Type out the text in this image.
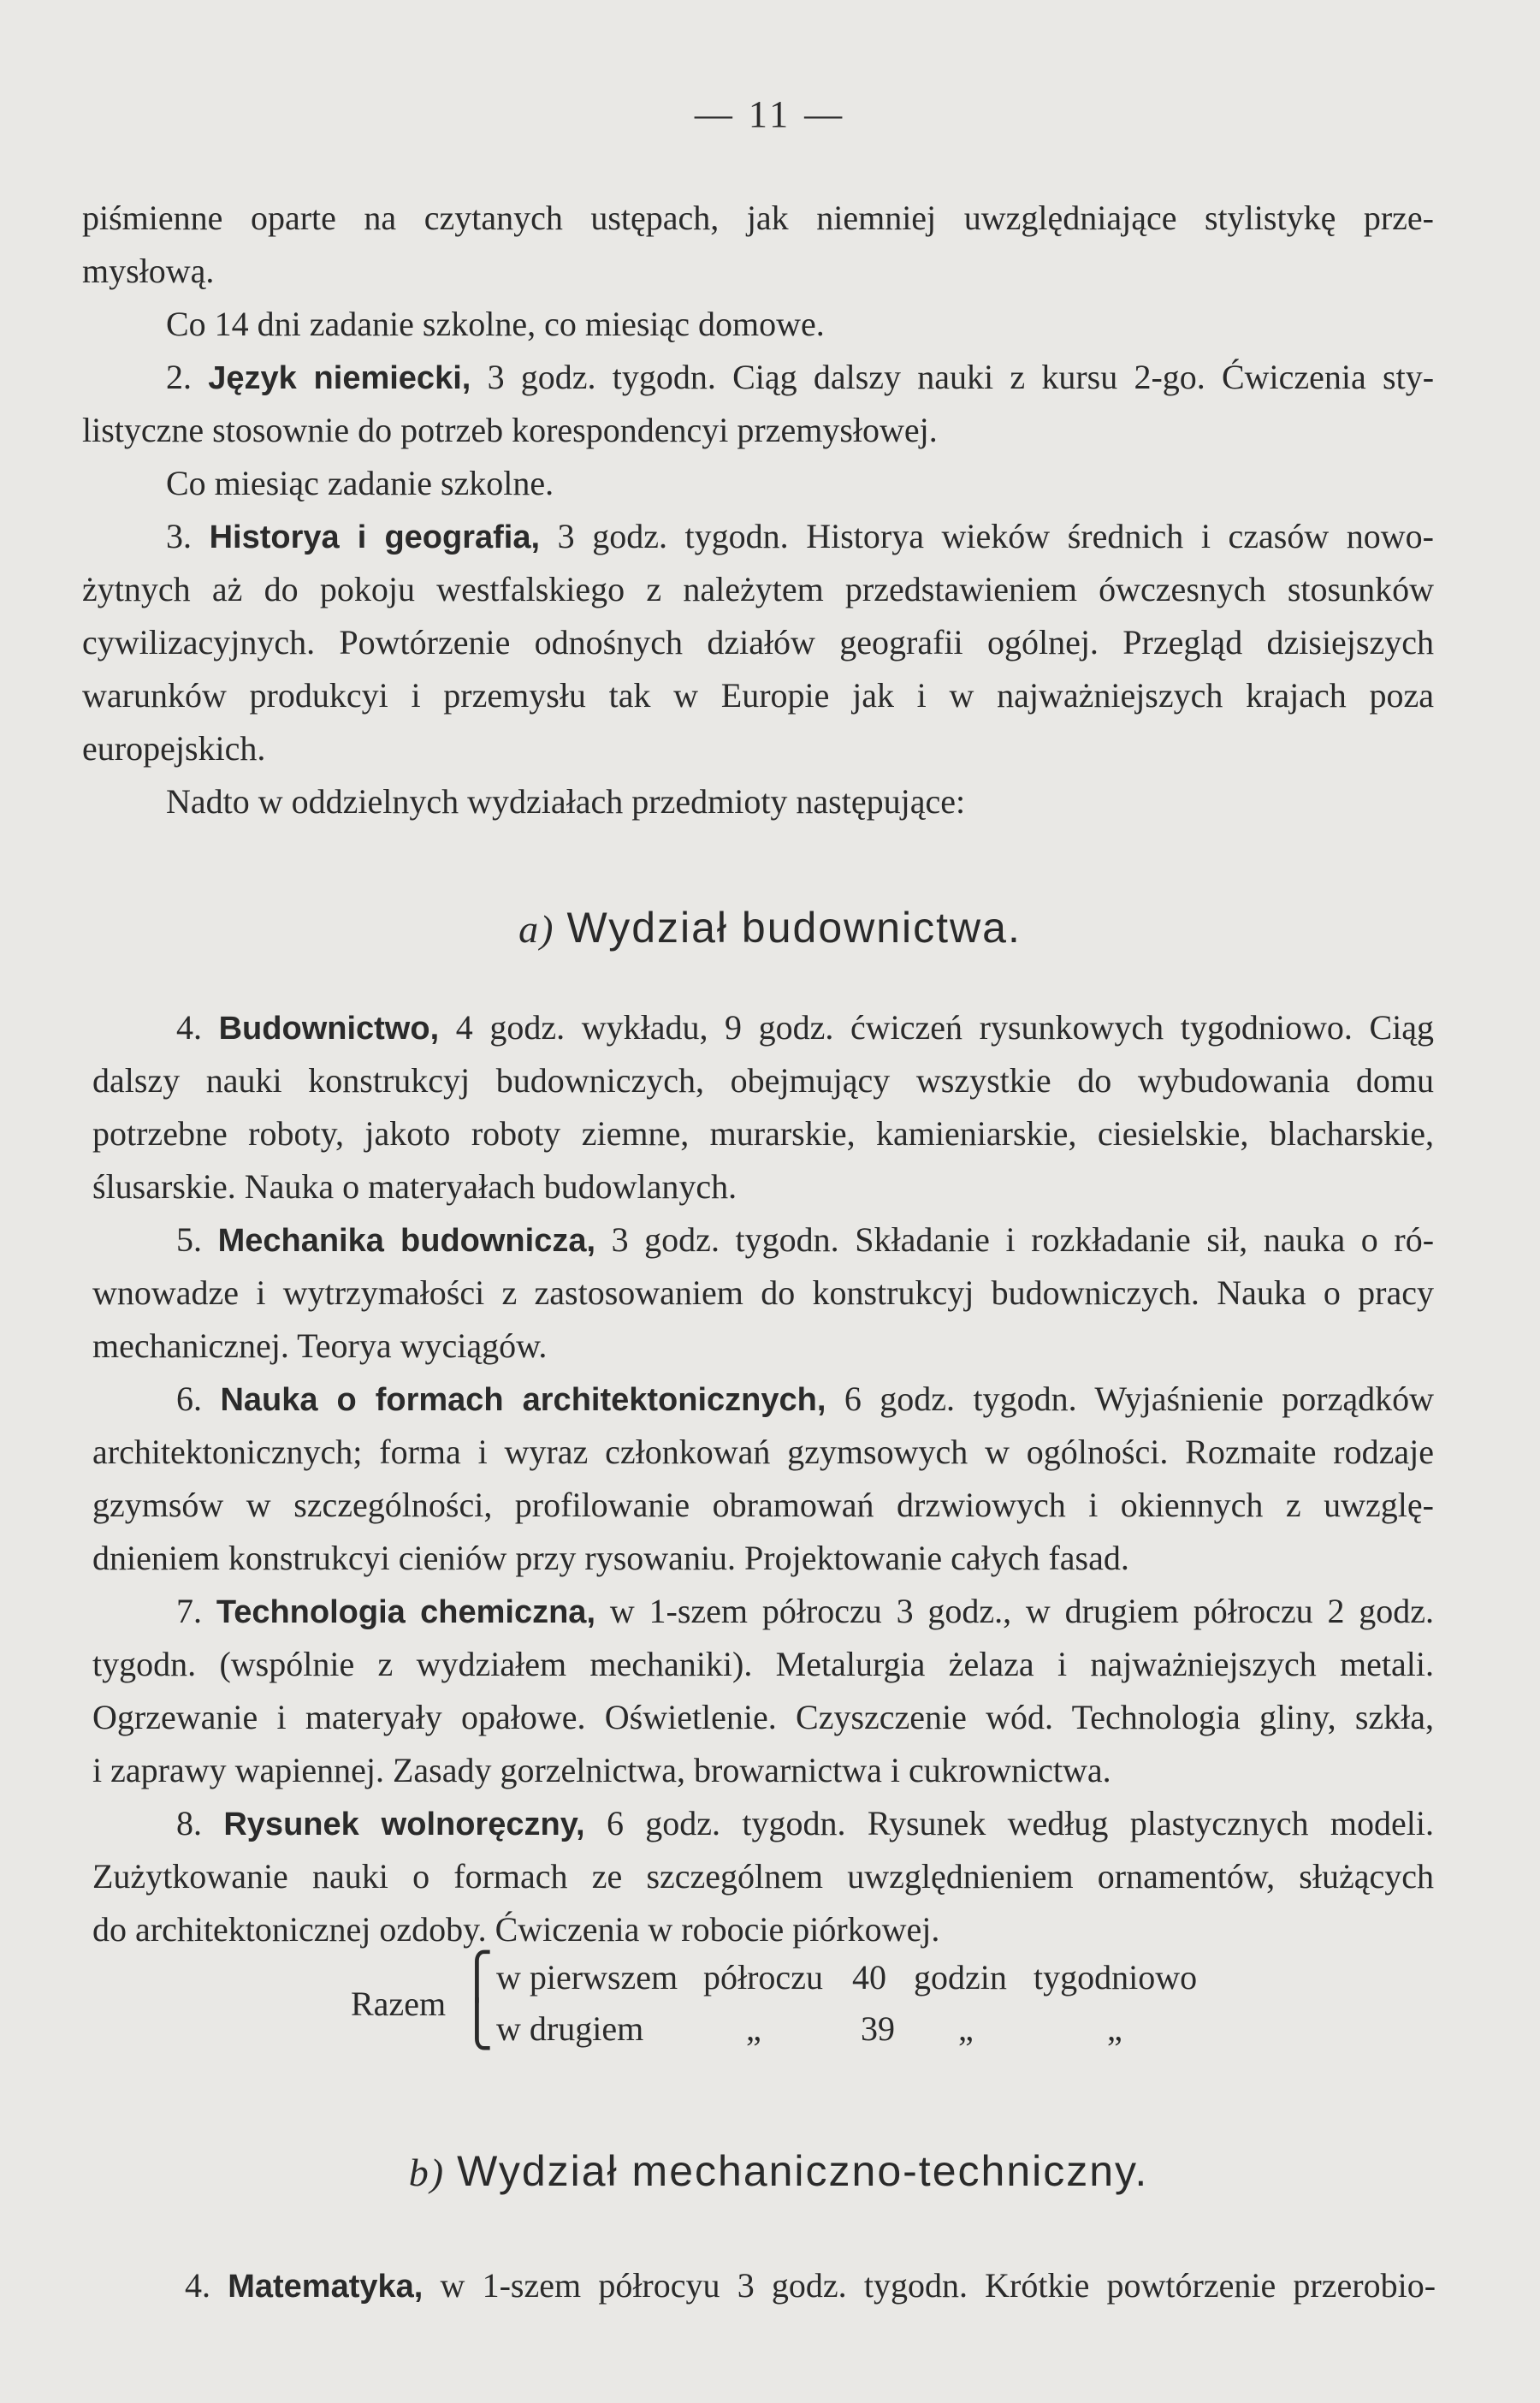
— 11 —
piśmienne oparte na czytanych ustępach, jak niemniej uwzględniające stylistykę prze-
mysłową.
Co 14 dni zadanie szkolne, co miesiąc domowe.
2. Język niemiecki, 3 godz. tygodn. Ciąg dalszy nauki z kursu 2-go. Ćwiczenia sty-
listyczne stosownie do potrzeb korespondencyi przemysłowej.
Co miesiąc zadanie szkolne.
3. Historya i geografia, 3 godz. tygodn. Historya wieków średnich i czasów nowo-
żytnych aż do pokoju westfalskiego z należytem przedstawieniem ówczesnych stosunków
cywilizacyjnych. Powtórzenie odnośnych działów geografii ogólnej. Przegląd dzisiejszych
warunków produkcyi i przemysłu tak w Europie jak i w najważniejszych krajach poza
europejskich.
Nadto w oddzielnych wydziałach przedmioty następujące:
a) Wydział budownictwa.
4. Budownictwo, 4 godz. wykładu, 9 godz. ćwiczeń rysunkowych tygodniowo. Ciąg
dalszy nauki konstrukcyj budowniczych, obejmujący wszystkie do wybudowania domu
potrzebne roboty, jakoto roboty ziemne, murarskie, kamieniarskie, ciesielskie, blacharskie,
ślusarskie. Nauka o materyałach budowlanych.
5. Mechanika budownicza, 3 godz. tygodn. Składanie i rozkładanie sił, nauka o ró-
wnowadze i wytrzymałości z zastosowaniem do konstrukcyj budowniczych. Nauka o pracy
mechanicznej. Teorya wyciągów.
6. Nauka o formach architektonicznych, 6 godz. tygodn. Wyjaśnienie porządków
architektonicznych; forma i wyraz członkowań gzymsowych w ogólności. Rozmaite rodzaje
gzymsów w szczególności, profilowanie obramowań drzwiowych i okiennych z uwzglę-
dnieniem konstrukcyi cieniów przy rysowaniu. Projektowanie całych fasad.
7. Technologia chemiczna, w 1-szem półroczu 3 godz., w drugiem półroczu 2 godz.
tygodn. (wspólnie z wydziałem mechaniki). Metalurgia żelaza i najważniejszych metali.
Ogrzewanie i materyały opałowe. Oświetlenie. Czyszczenie wód. Technologia gliny, szkła,
i zaprawy wapiennej. Zasady gorzelnictwa, browarnictwa i cukrownictwa.
8. Rysunek wolnoręczny, 6 godz. tygodn. Rysunek według plastycznych modeli.
Zużytkowanie nauki o formach ze szczególnem uwzględnieniem ornamentów, służących
do architektonicznej ozdoby. Ćwiczenia w robocie piórkowej.
Razem
⎧
⎩
w pierwszem półroczu 40 godzin tygodniowo
w drugiem	„	39 „	„
b) Wydział mechaniczno-techniczny.
4. Matematyka, w 1-szem półrocyu 3 godz. tygodn. Krótkie powtórzenie przerobio-
